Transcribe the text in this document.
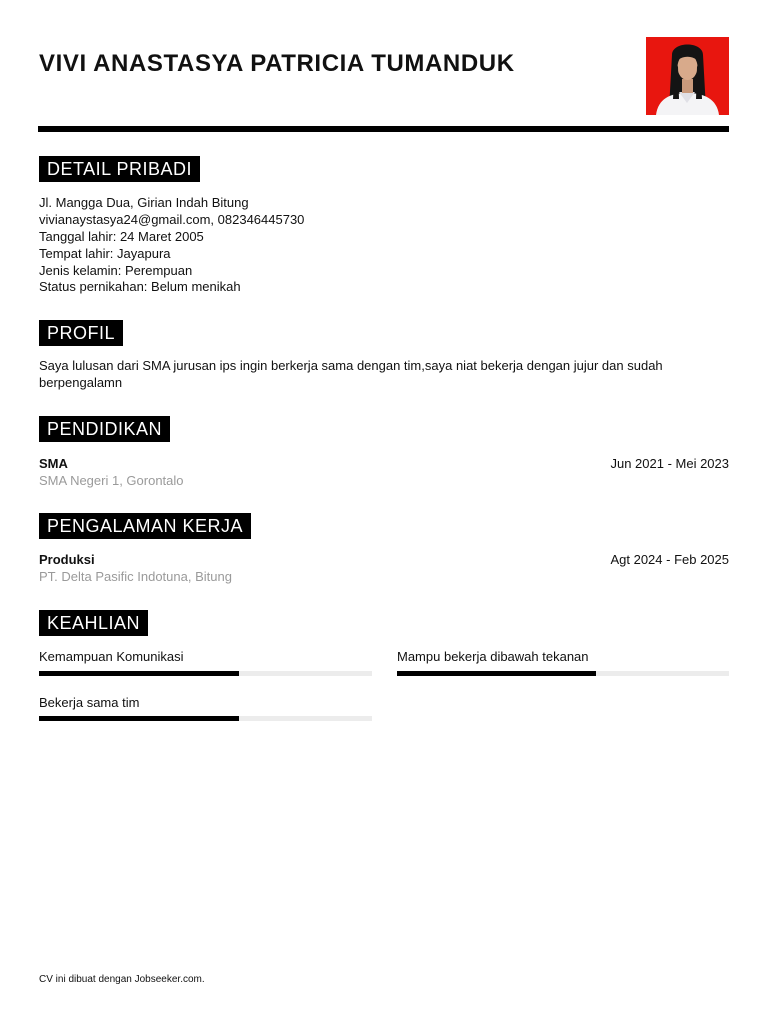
VIVI ANASTASYA PATRICIA TUMANDUK
DETAIL PRIBADI
Jl. Mangga Dua, Girian Indah Bitung
vivianaystasya24@gmail.com, 082346445730
Tanggal lahir: 24 Maret 2005
Tempat lahir: Jayapura
Jenis kelamin: Perempuan
Status pernikahan: Belum menikah
PROFIL
Saya lulusan dari SMA jurusan ips ingin berkerja sama dengan tim,saya niat bekerja dengan jujur dan sudah berpengalamn
PENDIDIKAN
SMA
SMA Negeri 1, Gorontalo
Jun 2021 - Mei 2023
PENGALAMAN KERJA
Produksi
PT. Delta Pasific Indotuna, Bitung
Agt 2024 - Feb 2025
KEAHLIAN
Kemampuan Komunikasi	Mampu bekerja dibawah tekanan
Bekerja sama tim
CV ini dibuat dengan Jobseeker.com.
